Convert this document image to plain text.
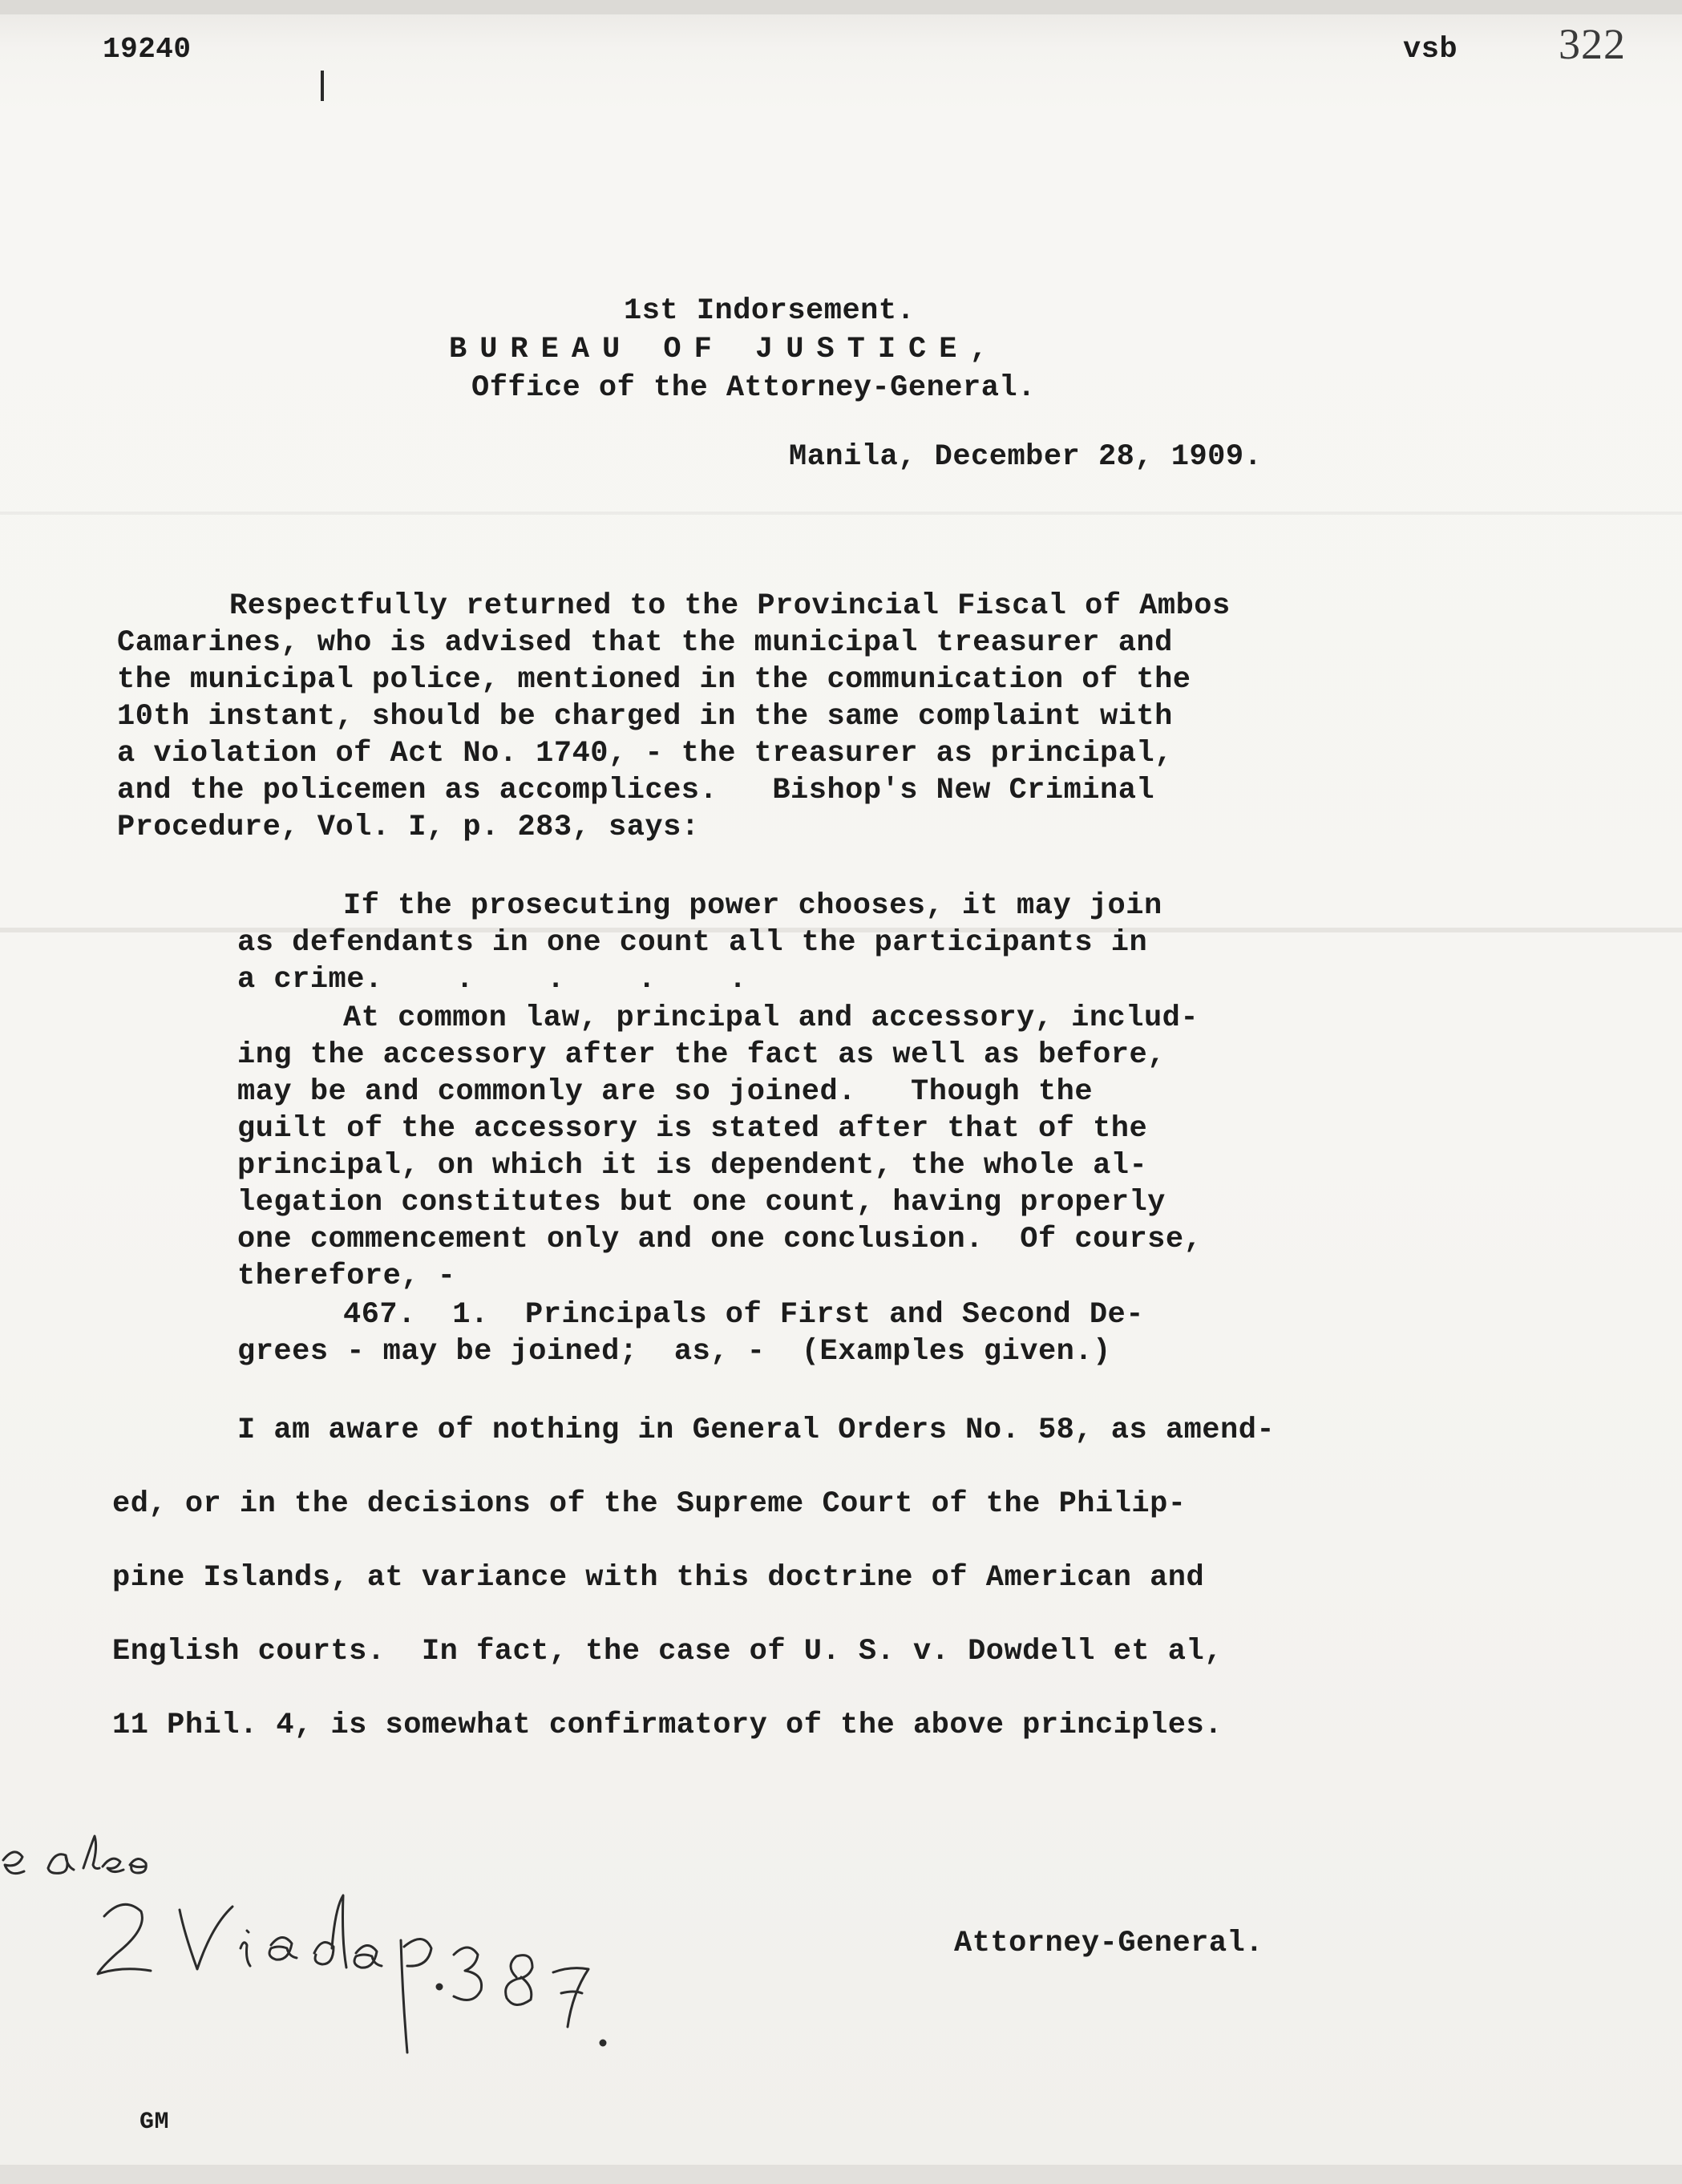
19240	vsb 322
1st Indorsement.
BUREAU OF JUSTICE,
Office of the Attorney-General.
Manila, December 28, 1909.
Respectfully returned to the Provincial Fiscal of Ambos
Camarines, who is advised that the municipal treasurer and
the municipal police, mentioned in the communication of the
10th instant, should be charged in the same complaint with
a violation of Act No. 1740, - the treasurer as principal,
and the policemen as accomplices.   Bishop's New Criminal
Procedure, Vol. I, p. 283, says:
If the prosecuting power chooses, it may join
as defendants in one count all the participants in
a crime.    .    .    .    .
At common law, principal and accessory, includ-
ing the accessory after the fact as well as before,
may be and commonly are so joined.   Though the
guilt of the accessory is stated after that of the
principal, on which it is dependent, the whole al-
legation constitutes but one count, having properly
one commencement only and one conclusion.  Of course,
therefore, -
467.  1.  Principals of First and Second De-
grees - may be joined;  as, -  (Examples given.)
I am aware of nothing in General Orders No. 58, as amend-
ed, or in the decisions of the Supreme Court of the Philip-
pine Islands, at variance with this doctrine of American and
English courts.  In fact, the case of U. S. v. Dowdell et al,
11 Phil. 4, is somewhat confirmatory of the above principles.
Attorney-General.
GM
